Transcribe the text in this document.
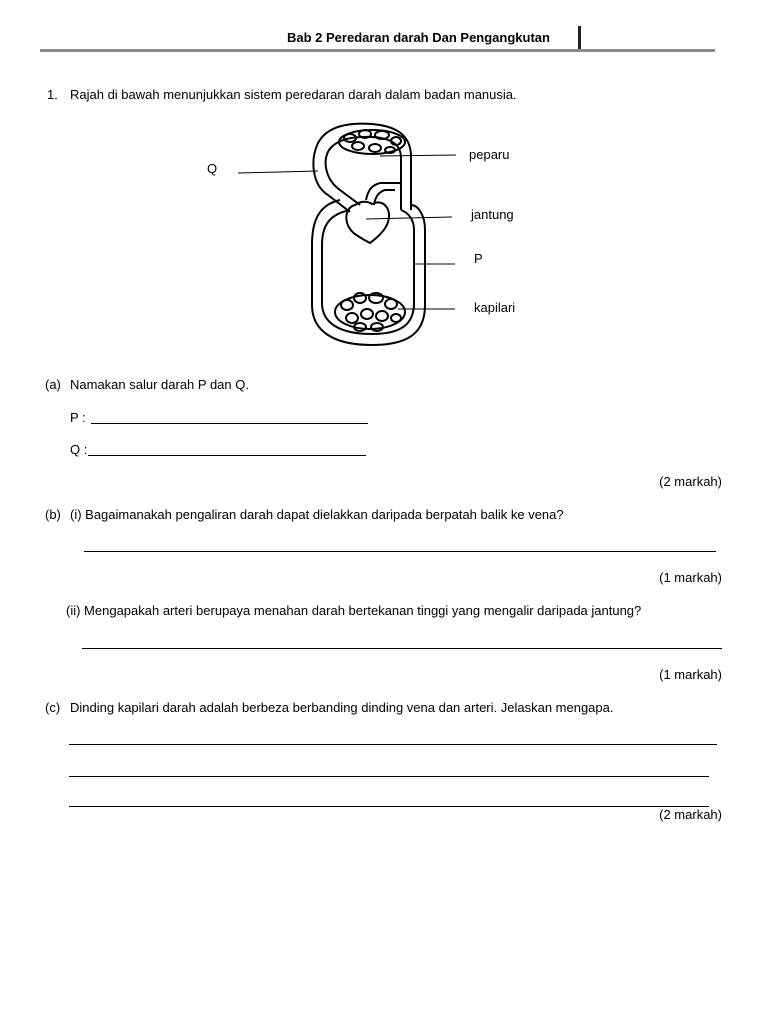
Bab 2 Peredaran darah Dan Pengangkutan
1. Rajah di bawah menunjukkan sistem peredaran darah dalam badan manusia.
Q
peparu
jantung
P
kapilari
(a) Namakan salur darah P dan Q.
P :
Q :
(2 markah)
(b) (i) Bagaimanakah pengaliran darah dapat dielakkan daripada berpatah balik ke vena?
(1 markah)
(ii) Mengapakah arteri berupaya menahan darah bertekanan tinggi yang mengalir daripada jantung?
(1 markah)
(c) Dinding kapilari darah adalah berbeza berbanding dinding vena dan arteri. Jelaskan mengapa.
(2 markah)
